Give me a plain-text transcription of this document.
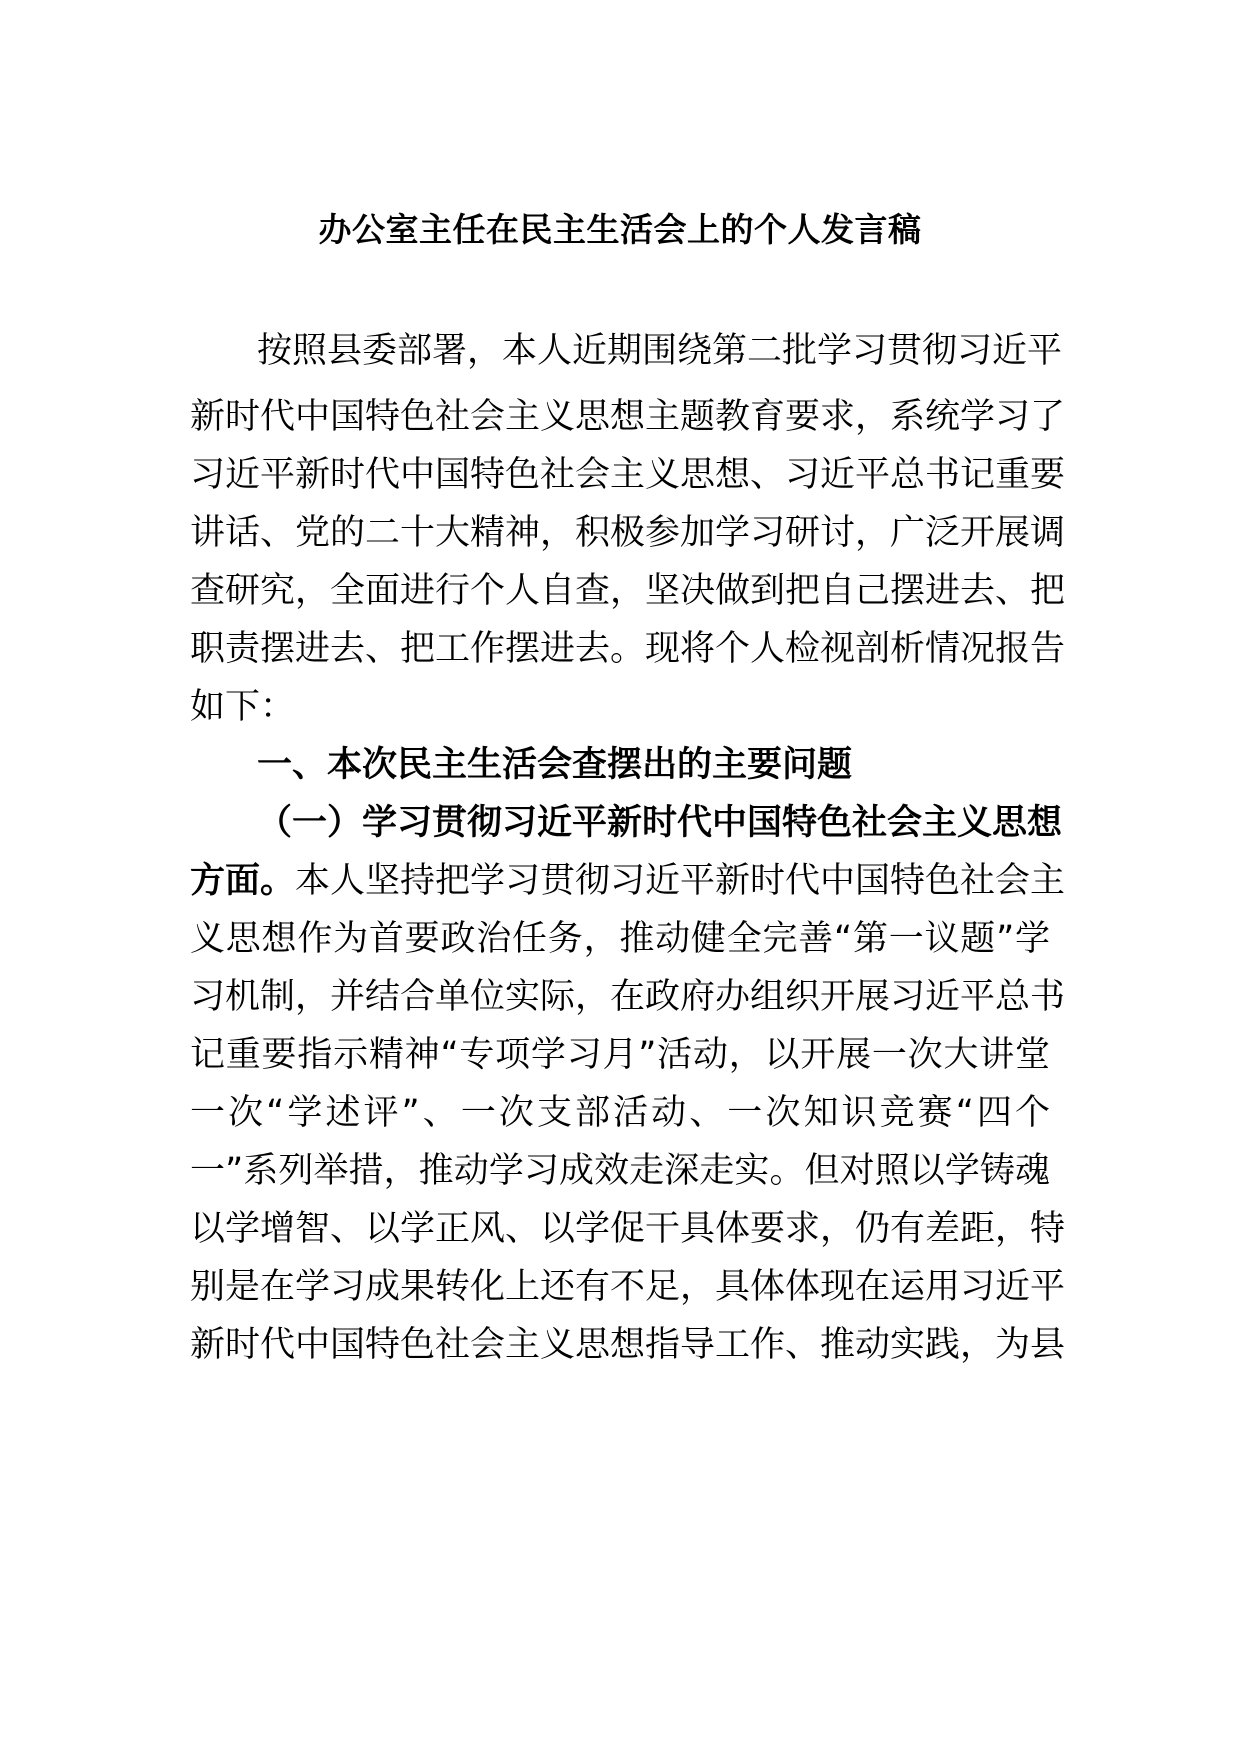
办公室主任在民主生活会上的个人发言稿
按照县委部署，本人近期围绕第二批学习贯彻习近平
新时代中国特色社会主义思想主题教育要求，系统学习了
习近平新时代中国特色社会主义思想、习近平总书记重要
讲话、党的二十大精神，积极参加学习研讨，广泛开展调
查研究，全面进行个人自查，坚决做到把自己摆进去、把
职责摆进去、把工作摆进去。现将个人检视剖析情况报告
如下：
一、本次民主生活会查摆出的主要问题
（一）学习贯彻习近平新时代中国特色社会主义思想
方面。本人坚持把学习贯彻习近平新时代中国特色社会主
义思想作为首要政治任务，推动健全完善“第一议题”学
习机制，并结合单位实际，在政府办组织开展习近平总书
记重要指示精神“专项学习月”活动，以开展一次大讲堂
一次“学述评”、一次支部活动、一次知识竞赛“四个
一”系列举措，推动学习成效走深走实。但对照以学铸魂
以学增智、以学正风、以学促干具体要求，仍有差距，特
别是在学习成果转化上还有不足，具体体现在运用习近平
新时代中国特色社会主义思想指导工作、推动实践，为县
